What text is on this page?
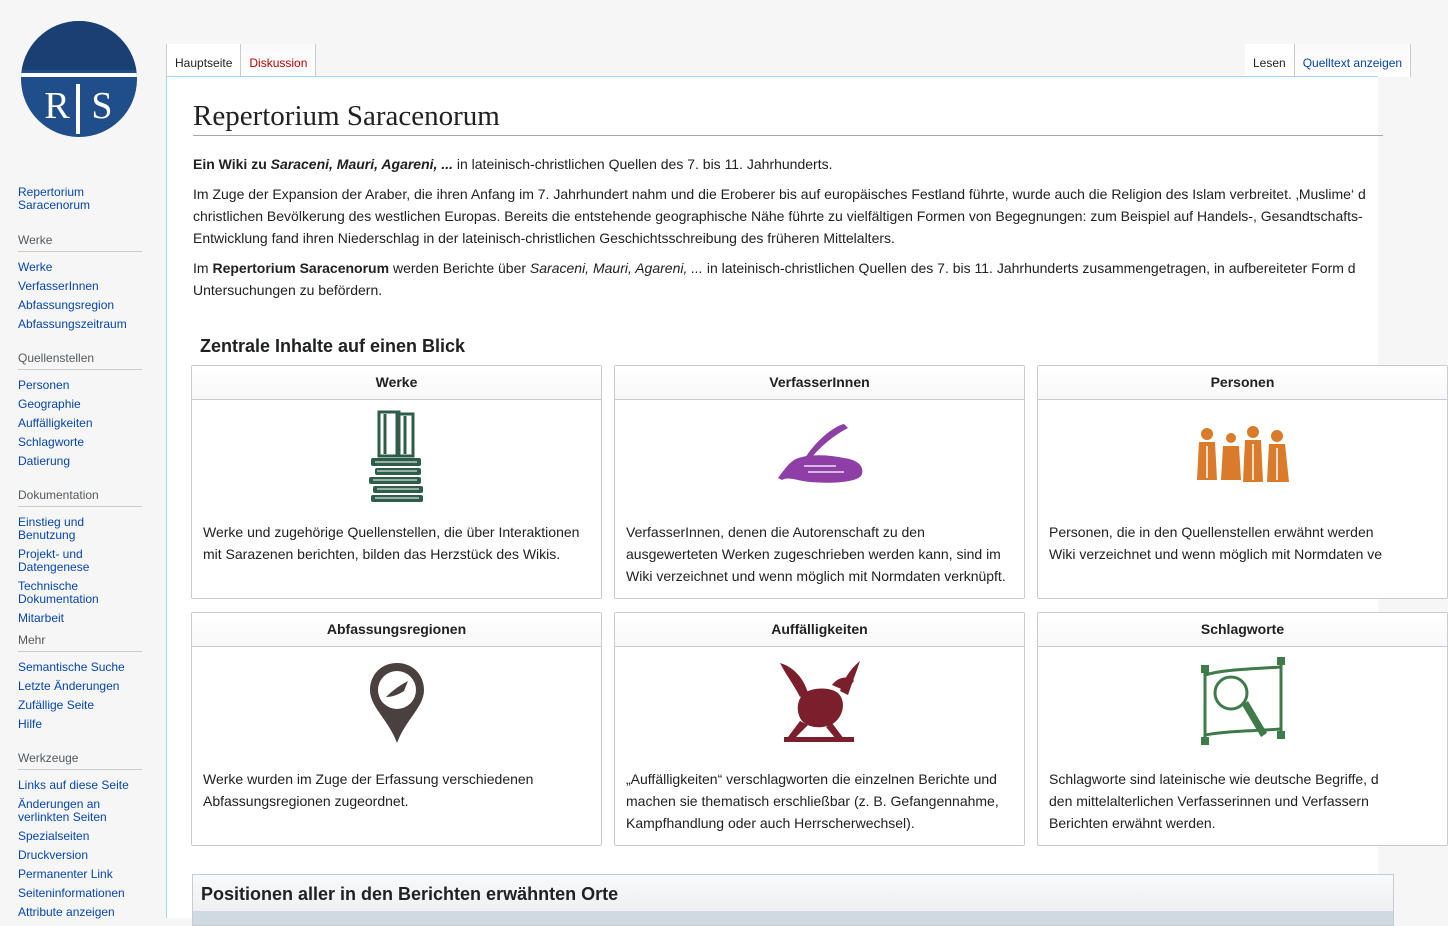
R S
Repertorium Saracenorum
Werke
Werke
VerfasserInnen
Abfassungsregion
Abfassungszeitraum
Quellenstellen
Personen
Geographie
Auffälligkeiten
Schlagworte
Datierung
Dokumentation
Einstieg und Benutzung
Projekt- und Datengenese
Technische Dokumentation
Mitarbeit
Mehr
Semantische Suche
Letzte Änderungen
Zufällige Seite
Hilfe
Werkzeuge
Links auf diese Seite
Änderungen an verlinkten Seiten
Spezialseiten
Druckversion
Permanenter Link
Seiteninformationen
Attribute anzeigen
Hauptseite	Diskussion	Lesen	Quelltext anzeigen
Repertorium Saracenorum
Ein Wiki zu Saraceni, Mauri, Agareni, ... in lateinisch-christlichen Quellen des 7. bis 11. Jahrhunderts.
Im Zuge der Expansion der Araber, die ihren Anfang im 7. Jahrhundert nahm und die Eroberer bis auf europäisches Festland führte, wurde auch die Religion des Islam verbreitet. ‚Muslime‘ d
christlichen Bevölkerung des westlichen Europas. Bereits die entstehende geographische Nähe führte zu vielfältigen Formen von Begegnungen: zum Beispiel auf Handels-, Gesandtschafts-
Entwicklung fand ihren Niederschlag in der lateinisch-christlichen Geschichtsschreibung des früheren Mittelalters.
Im Repertorium Saracenorum werden Berichte über Saraceni, Mauri, Agareni, ... in lateinisch-christlichen Quellen des 7. bis 11. Jahrhunderts zusammengetragen, in aufbereiteter Form d
Untersuchungen zu befördern.
Zentrale Inhalte auf einen Blick
Werke
Werke und zugehörige Quellenstellen, die über Interaktionen
mit Sarazenen berichten, bilden das Herzstück des Wikis.
VerfasserInnen
VerfasserInnen, denen die Autorenschaft zu den
ausgewerteten Werken zugeschrieben werden kann, sind im
Wiki verzeichnet und wenn möglich mit Normdaten verknüpft.
Personen
Personen, die in den Quellenstellen erwähnt werden
Wiki verzeichnet und wenn möglich mit Normdaten ve
Abfassungsregionen
Werke wurden im Zuge der Erfassung verschiedenen
Abfassungsregionen zugeordnet.
Auffälligkeiten
„Auffälligkeiten“ verschlagworten die einzelnen Berichte und
machen sie thematisch erschließbar (z. B. Gefangennahme,
Kampfhandlung oder auch Herrscherwechsel).
Schlagworte
Schlagworte sind lateinische wie deutsche Begriffe, d
den mittelalterlichen Verfasserinnen und Verfassern
Berichten erwähnt werden.
Positionen aller in den Berichten erwähnten Orte
